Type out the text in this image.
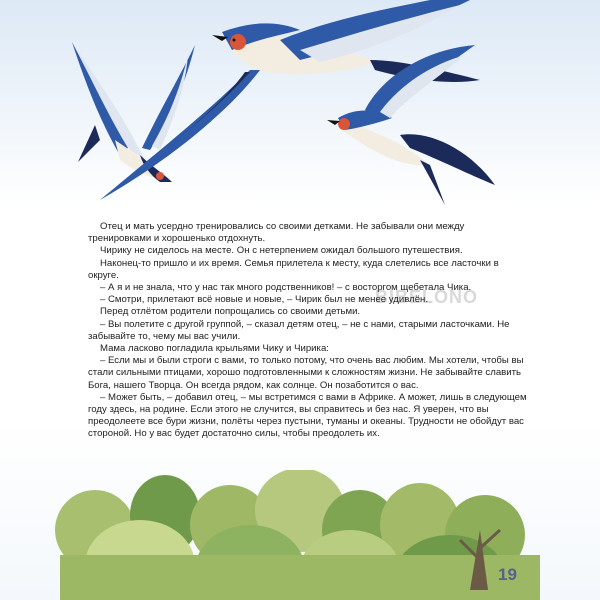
BIBELONO

Отец и мать усердно тренировались со своими детками. Не забывали они между тренировками и хорошенько отдохнуть.

Чирику не сиделось на месте. Он с нетерпением ожидал большого путешествия.

Наконец-то пришло и их время. Семья прилетела к месту, куда слетелись все ласточки в округе.

– А я и не знала, что у нас так много родственников! – с восторгом щебетала Чика.

– Смотри, прилетают всё новые и новые, – Чирик был не менее удивлён.

Перед отлётом родители попрощались со своими детьми.

– Вы полетите с другой группой, – сказал детям отец, – не с нами, старыми ласточками. Не забывайте то, чему мы вас учили.

Мама ласково погладила крыльями Чику и Чирика:

– Если мы и были строги с вами, то только потому, что очень вас любим. Мы хотели, чтобы вы стали сильными птицами, хорошо подготовленными к сложностям жизни. Не забывайте славить Бога, нашего Творца. Он всегда рядом, как солнце. Он позаботится о вас.

– Может быть, – добавил отец, – мы встретимся с вами в Африке. А может, лишь в следующем году здесь, на родине. Если этого не случится, вы справитесь и без нас. Я уверен, что вы преодолеете все бури жизни, полёты через пустыни, туманы и океаны. Трудности не обойдут вас стороной. Но у вас будет достаточно силы, чтобы преодолеть их.

19
